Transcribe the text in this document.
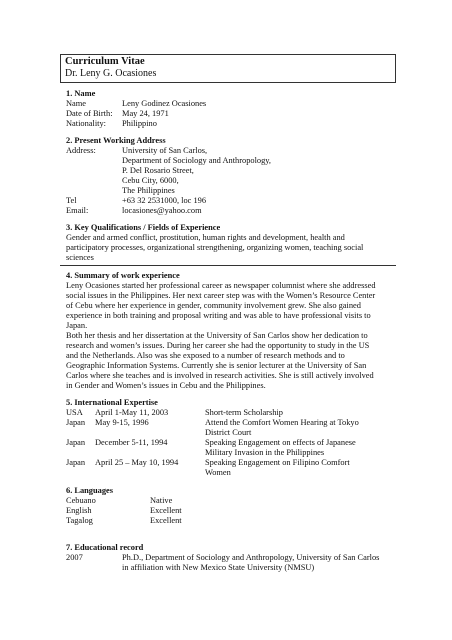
Curriculum Vitae
Dr. Leny G. Ocasiones
1. Name
Name	Leny Godinez Ocasiones
Date of Birth: May 24, 1971
Nationality: Philippino
2. Present Working Address
Address:	University of San Carlos,
Department of Sociology and Anthropology,
P. Del Rosario Street,
Cebu City, 6000,
The Philippines
Tel	+63 32 2531000, loc 196
Email:	locasiones@yahoo.com
3. Key Qualifications / Fields of Experience
Gender and armed conflict, prostitution, human rights and development, health and
participatory processes, organizational strengthening, organizing women, teaching social
sciences
4. Summary of work experience
Leny Ocasiones started her professional career as newspaper columnist where she addressed
social issues in the Philippines. Her next career step was with the Women’s Resource Center
of Cebu where her experience in gender, community involvement grew. She also gained
experience in both training and proposal writing and was able to have professional visits to
Japan.
Both her thesis and her dissertation at the University of San Carlos show her dedication to
research and women’s issues. During her career she had the opportunity to study in the US
and the Netherlands. Also was she exposed to a number of research methods and to
Geographic Information Systems. Currently she is senior lecturer at the University of San
Carlos where she teaches and is involved in research activities. She is still actively involved
in Gender and Women’s issues in Cebu and the Philippines.
5. International Expertise
USA April 1-May 11, 2003	Short-term Scholarship
Japan May 9-15, 1996	Attend the Comfort Women Hearing at Tokyo
District Court
Japan December 5-11, 1994	Speaking Engagement on effects of Japanese
Military Invasion in the Philippines
Japan April 25 – May 10, 1994	Speaking Engagement on Filipino Comfort
Women
6. Languages
Cebuano	Native
English	Excellent
Tagalog	Excellent
7. Educational record
2007	Ph.D., Department of Sociology and Anthropology, University of San Carlos
in affiliation with New Mexico State University (NMSU)
